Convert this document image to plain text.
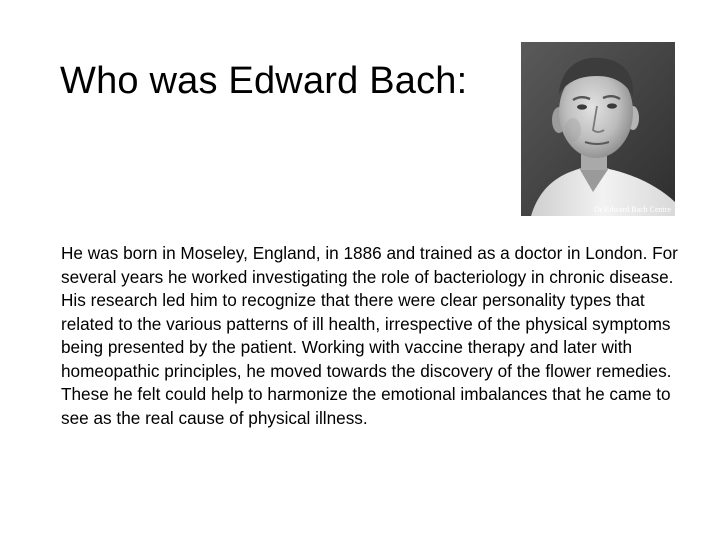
Who was Edward Bach:
Dr Edward Bach Centre

He was born in Moseley, England, in 1886 and trained as a doctor in London. For several years he worked investigating the role of bacteriology in chronic disease. His research led him to recognize that there were clear personality types that related to the various patterns of ill health, irrespective of the physical symptoms being presented by the patient. Working with vaccine therapy and later with homeopathic principles, he moved towards the discovery of the flower remedies. These he felt could help to harmonize the emotional imbalances that he came to see as the real cause of physical illness.
